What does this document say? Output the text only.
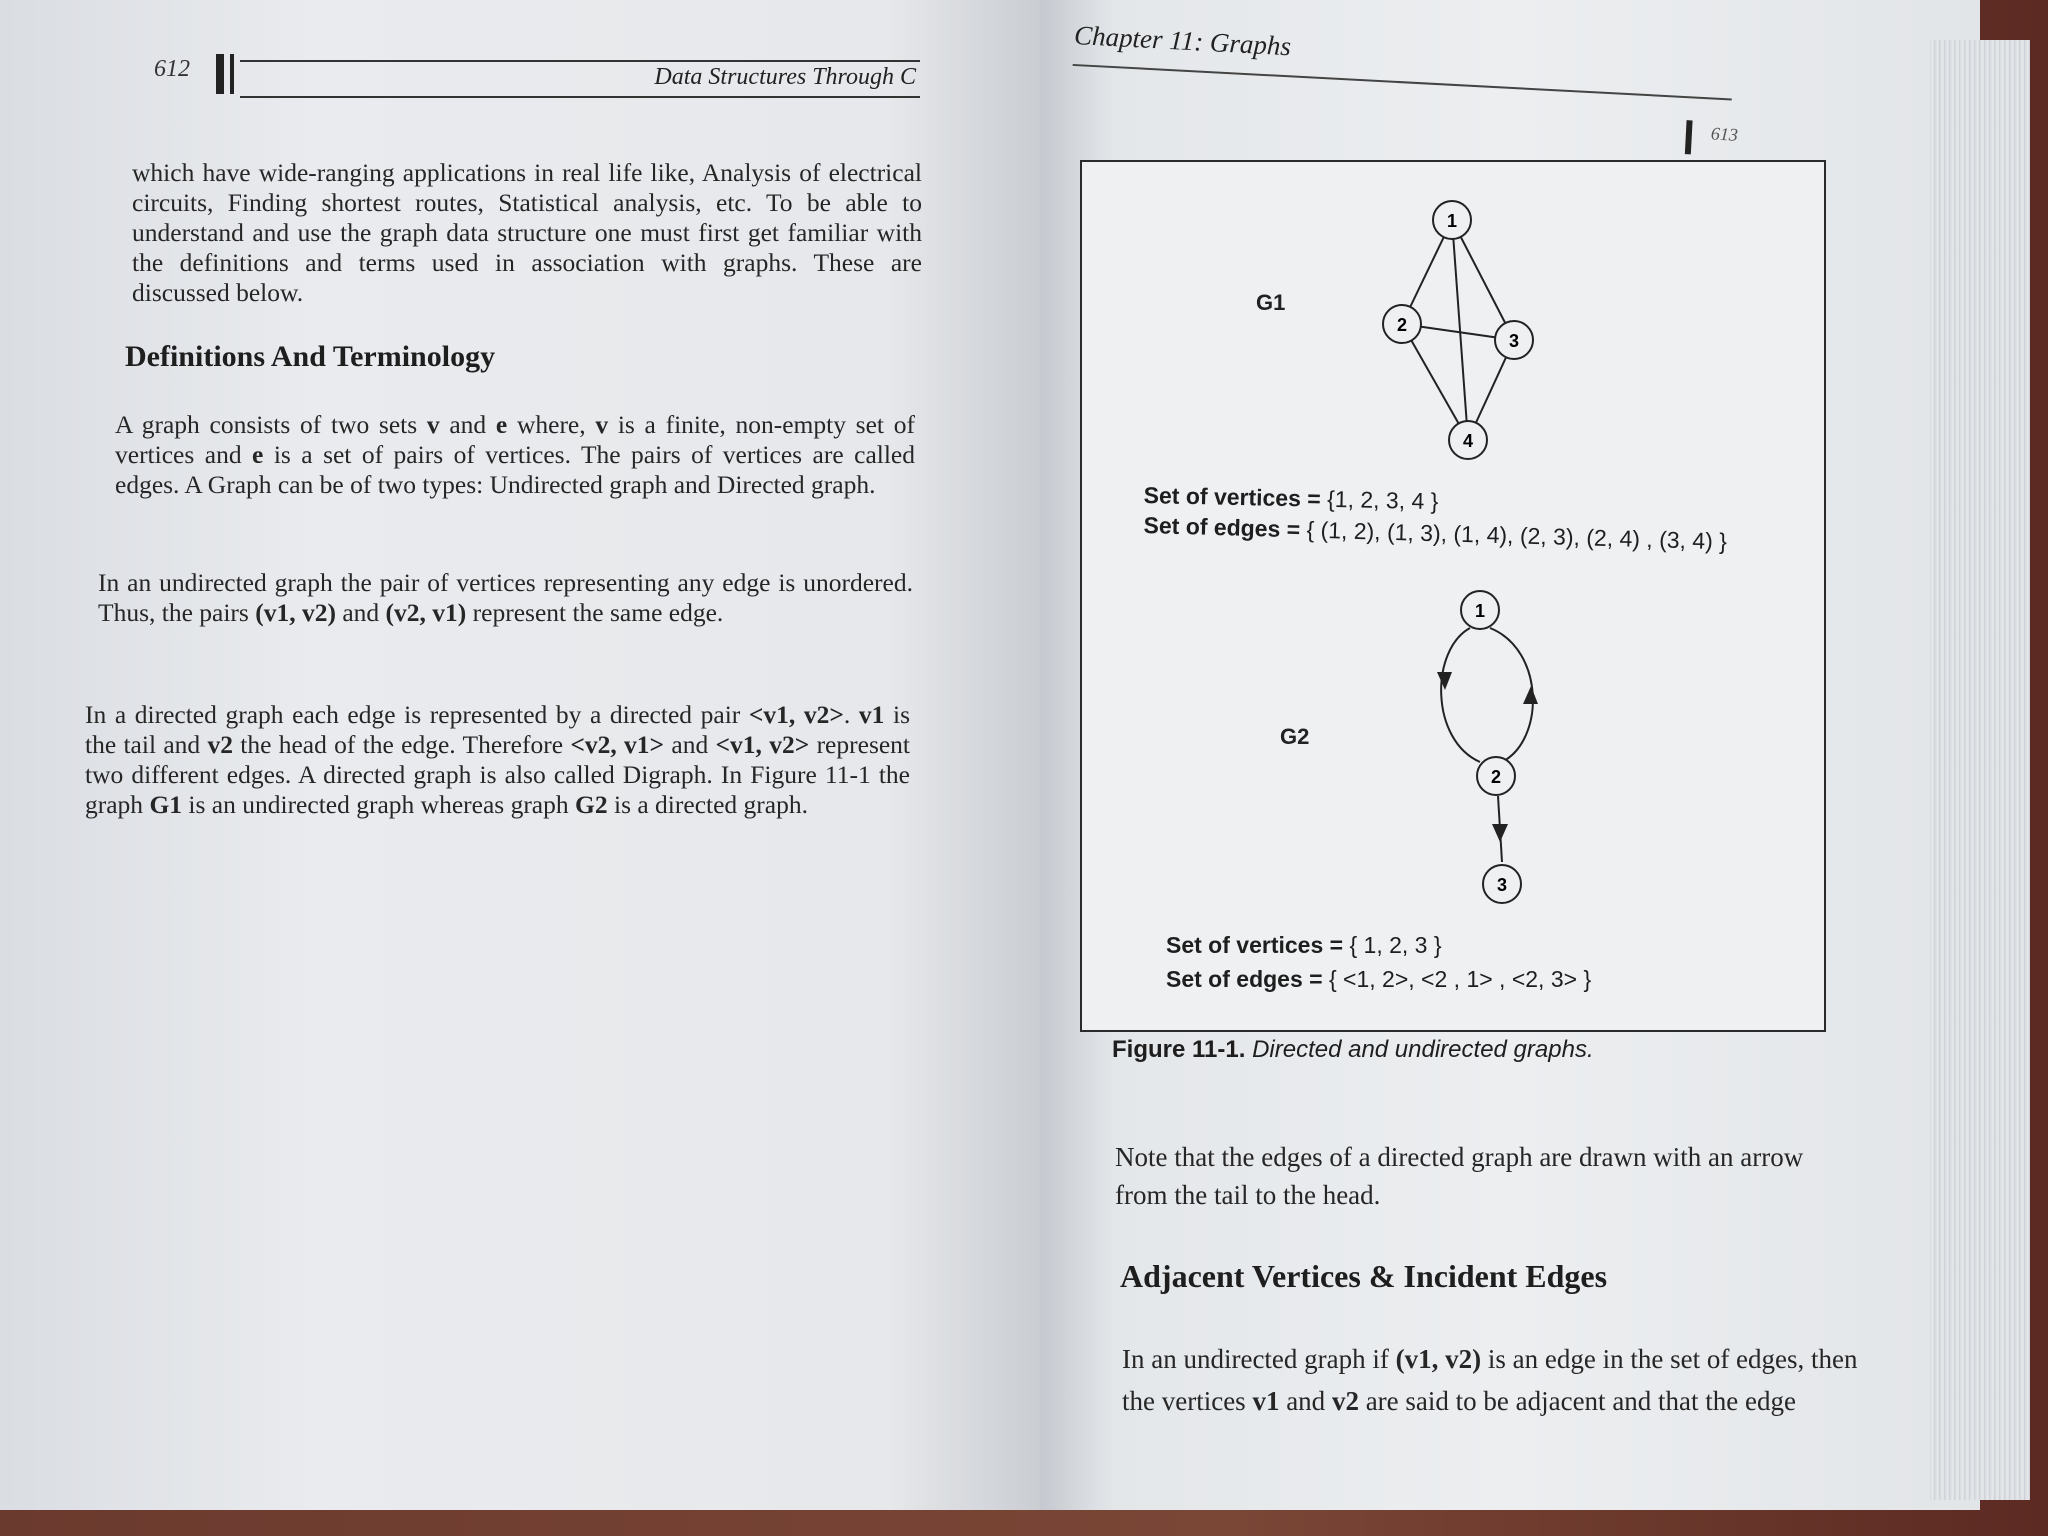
612	Data Structures Through C
which have wide-ranging applications in real life like, Analysis of electrical circuits, Finding shortest routes, Statistical analysis, etc. To be able to understand and use the graph data structure one must first get familiar with the definitions and terms used in association with graphs. These are discussed below.
Definitions And Terminology
A graph consists of two sets v and e where, v is a finite, non-empty set of vertices and e is a set of pairs of vertices. The pairs of vertices are called edges. A Graph can be of two types: Undirected graph and Directed graph.
In an undirected graph the pair of vertices representing any edge is unordered. Thus, the pairs (v1, v2) and (v2, v1) represent the same edge.
In a directed graph each edge is represented by a directed pair <v1, v2>. v1 is the tail and v2 the head of the edge. Therefore <v2, v1> and <v1, v2> represent two different edges. A directed graph is also called Digraph. In Figure 11-1 the graph G1 is an undirected graph whereas graph G2 is a directed graph.
Chapter 11: Graphs
613
1
2
3
4
1
2
3
G1
Set of vertices = {1, 2, 3, 4 }
Set of edges = { (1, 2), (1, 3), (1, 4), (2, 3), (2, 4) , (3, 4) }
G2
Set of vertices = { 1, 2, 3 }
Set of edges = { <1, 2>, <2 , 1> , <2, 3> }
Figure 11-1. Directed and undirected graphs.
Note that the edges of a directed graph are drawn with an arrow from the tail to the head.
Adjacent Vertices & Incident Edges
In an undirected graph if (v1, v2) is an edge in the set of edges, then the vertices v1 and v2 are said to be adjacent and that the edge
